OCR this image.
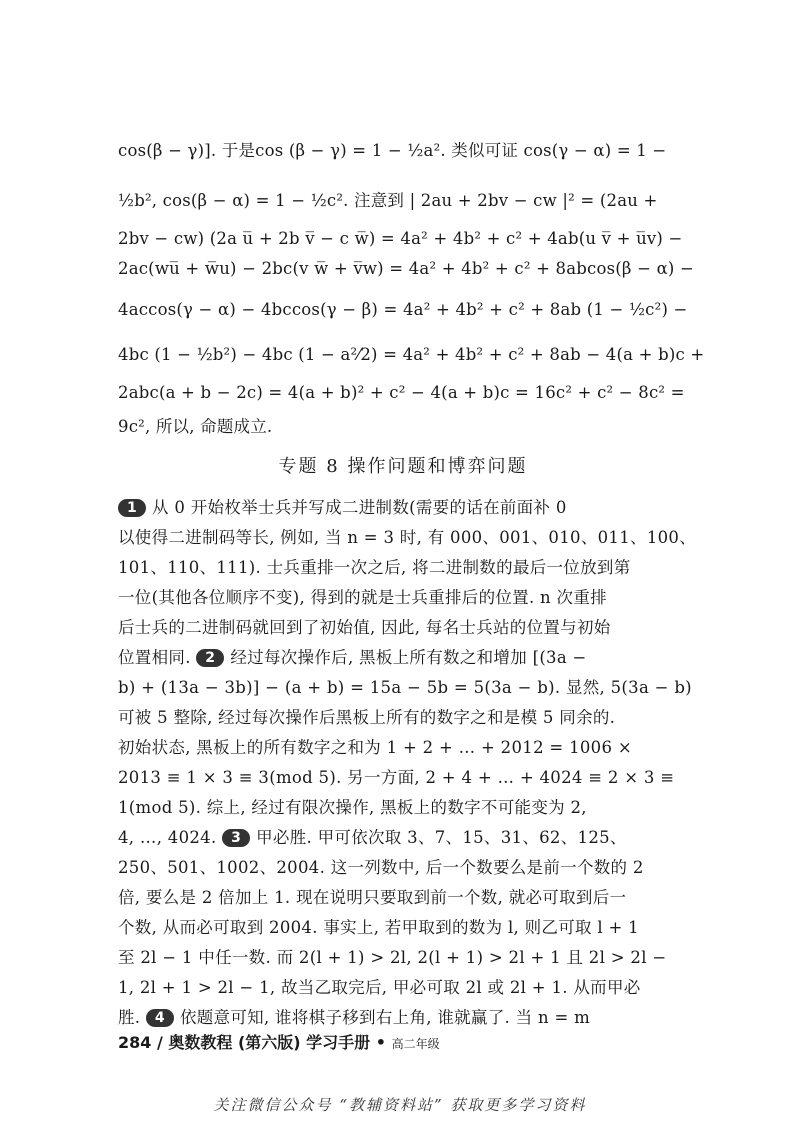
cos(β − γ)]. 于是cos (β − γ) = 1 − ½a². 类似可证 cos(γ − α) = 1 −
½b², cos(β − α) = 1 − ½c². 注意到 | 2au + 2bv − cw |² = (2au +
2bv − cw) (2a u̅ + 2b v̅ − c w̅) = 4a² + 4b² + c² + 4ab(u v̅ + u̅v) −
2ac(wu̅ + w̅u) − 2bc(v w̅ + v̅w) = 4a² + 4b² + c² + 8abcos(β − α) −
4accos(γ − α) − 4bccos(γ − β) = 4a² + 4b² + c² + 8ab (1 − ½c²) −
4bc (1 − ½b²) − 4bc (1 − a²⁄2) = 4a² + 4b² + c² + 8ab − 4(a + b)c +
2abc(a + b − 2c) = 4(a + b)² + c² − 4(a + b)c = 16c² + c² − 8c² =
9c², 所以, 命题成立.
专题 8 操作问题和博弈问题
1 从 0 开始枚举士兵并写成二进制数(需要的话在前面补 0
以使得二进制码等长, 例如, 当 n = 3 时, 有 000、001、010、011、100、
101、110、111). 士兵重排一次之后, 将二进制数的最后一位放到第
一位(其他各位顺序不变), 得到的就是士兵重排后的位置. n 次重排
后士兵的二进制码就回到了初始值, 因此, 每名士兵站的位置与初始
位置相同. 2 经过每次操作后, 黑板上所有数之和增加 [(3a −
b) + (13a − 3b)] − (a + b) = 15a − 5b = 5(3a − b). 显然, 5(3a − b)
可被 5 整除, 经过每次操作后黑板上所有的数字之和是模 5 同余的.
初始状态, 黑板上的所有数字之和为 1 + 2 + … + 2012 = 1006 ×
2013 ≡ 1 × 3 ≡ 3(mod 5). 另一方面, 2 + 4 + … + 4024 ≡ 2 × 3 ≡
1(mod 5). 综上, 经过有限次操作, 黑板上的数字不可能变为 2,
4, …, 4024. 3 甲必胜. 甲可依次取 3、7、15、31、62、125、
250、501、1002、2004. 这一列数中, 后一个数要么是前一个数的 2
倍, 要么是 2 倍加上 1. 现在说明只要取到前一个数, 就必可取到后一
个数, 从而必可取到 2004. 事实上, 若甲取到的数为 l, 则乙可取 l + 1
至 2l − 1 中任一数. 而 2(l + 1) > 2l, 2(l + 1) > 2l + 1 且 2l > 2l −
1, 2l + 1 > 2l − 1, 故当乙取完后, 甲必可取 2l 或 2l + 1. 从而甲必
胜. 4 依题意可知, 谁将棋子移到右上角, 谁就赢了. 当 n = m
284 / 奥数教程 (第六版) 学习手册 • 高二年级
关注微信公众号 “教辅资料站” 获取更多学习资料
